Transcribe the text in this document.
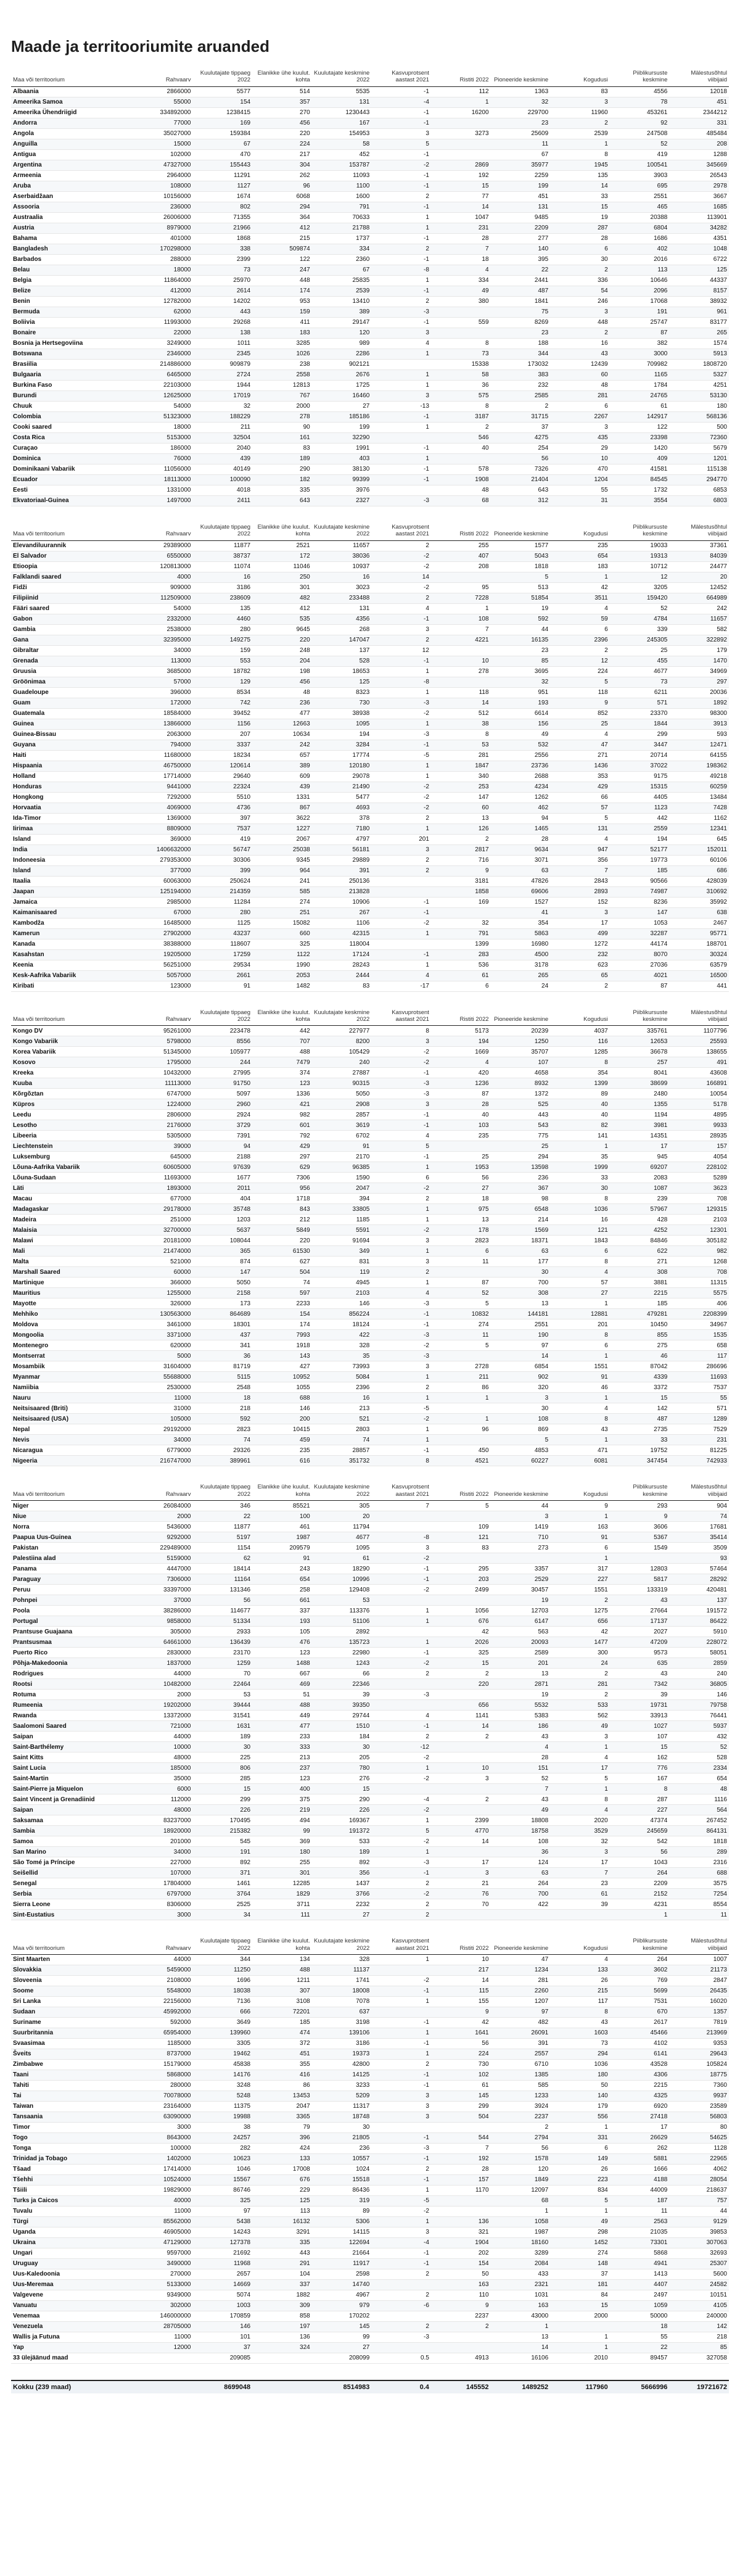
Maade ja territooriumite aruanded
Maa või territoorium	Rahvaarv	Kuulutajate tippaeg 2022	Elanikke ühe kuulut. kohta	Kuulutajate keskmine 2022	Kasvuprotsent aastast 2021	Ristiti 2022	Pioneeride keskmine	Kogudusi	Piiblikursuste keskmine	Mälestusõhtul viibijaid
Albaania	2866000	5577	514	5535	-1	112	1363	83	4556	12018
Ameerika Samoa	55000	154	357	131	-4	1	32	3	78	451
Ameerika Ühendriigid	334892000	1238415	270	1230443	-1	16200	229700	11960	453261	2344212
Andorra	77000	169	456	167	-1		23	2	92	331
Angola	35027000	159384	220	154953	3	3273	25609	2539	247508	485484
Anguilla	15000	67	224	58	5		11	1	52	208
Antigua	102000	470	217	452	-1		67	8	419	1288
Argentina	47327000	155443	304	153787	-2	2869	35977	1945	100541	345669
Armeenia	2964000	11291	262	11093	-1	192	2259	135	3903	26543
Aruba	108000	1127	96	1100	-1	15	199	14	695	2978
Aserbaidžaan	10156000	1674	6068	1600	2	77	451	33	2551	3667
Assooria	236000	802	294	791	-1	14	131	15	465	1685
Austraalia	26006000	71355	364	70633	1	1047	9485	19	20388	113901
Austria	8979000	21966	412	21788	1	231	2209	287	6804	34282
Bahama	401000	1868	215	1737	-1	28	277	28	1686	4351
Bangladesh	170298000	338	509874	334	2	7	140	6	402	1048
Barbados	288000	2399	122	2360	-1	18	395	30	2016	6722
Belau	18000	73	247	67	-8	4	22	2	113	125
Belgia	11864000	25970	448	25835	1	334	2441	336	10646	44337
Belize	412000	2614	174	2539	-1	49	487	54	2096	8157
Benin	12782000	14202	953	13410	2	380	1841	246	17068	38932
Bermuda	62000	443	159	389	-3		75	3	191	961
Boliivia	11993000	29268	411	29147	-1	559	8269	448	25747	83177
Bonaire	22000	138	183	120	3		23	2	87	265
Bosnia ja Hertsegoviina	3249000	1011	3285	989	4	8	188	16	382	1574
Botswana	2346000	2345	1026	2286	1	73	344	43	3000	5913
Brasiilia	214886000	909879	238	902121		15338	173032	12439	709982	1808720
Bulgaaria	6465000	2724	2558	2676	1	58	383	60	1165	5327
Burkina Faso	22103000	1944	12813	1725	1	36	232	48	1784	4251
Burundi	12625000	17019	767	16460	3	575	2585	281	24765	53130
Chuuk	54000	32	2000	27	-13	8	2	6	61	180
Colombia	51323000	188229	278	185186	-1	3187	31715	2267	142917	568136
Cooki saared	18000	211	90	199	1	2	37	3	122	500
Costa Rica	5153000	32504	161	32290		546	4275	435	23398	72360
Curaçao	186000	2040	83	1991	-1	40	254	29	1420	5679
Dominica	76000	439	189	403	1		56	10	409	1201
Dominikaani Vabariik	11056000	40149	290	38130	-1	578	7326	470	41581	115138
Ecuador	18113000	100090	182	99399	-1	1908	21404	1204	84545	294770
Eesti	1331000	4018	335	3976		48	643	55	1732	6853
Ekvatoriaal-Guinea	1497000	2411	643	2327	-3	68	312	31	3554	6803
Maa või territoorium	Rahvaarv	Kuulutajate tippaeg 2022	Elanikke ühe kuulut. kohta	Kuulutajate keskmine 2022	Kasvuprotsent aastast 2021	Ristiti 2022	Pioneeride keskmine	Kogudusi	Piiblikursuste keskmine	Mälestusõhtul viibijaid
Elevandiluurannik	29389000	11877	2521	11657	2	255	1577	235	19033	37361
El Salvador	6550000	38737	172	38036	-2	407	5043	654	19313	84039
Etioopia	120813000	11074	11046	10937	-2	208	1818	183	10712	24477
Falklandi saared	4000	16	250	16	14		5	1	12	20
Fidži	909000	3186	301	3023	-2	95	513	42	3205	12452
Filipiinid	112509000	238609	482	233488	2	7228	51854	3511	159420	664989
Fääri saared	54000	135	412	131	4	1	19	4	52	242
Gabon	2332000	4460	535	4356	-1	108	592	59	4784	11657
Gambia	2538000	280	9645	268	3	7	44	6	339	582
Gana	32395000	149275	220	147047	2	4221	16135	2396	245305	322892
Gibraltar	34000	159	248	137	12		23	2	25	179
Grenada	113000	553	204	528	-1	10	85	12	455	1470
Gruusia	3685000	18782	198	18653	1	278	3695	224	4677	34969
Gröönimaa	57000	129	456	125	-8		32	5	73	297
Guadeloupe	396000	8534	48	8323	1	118	951	118	6211	20036
Guam	172000	742	236	730	-3	14	193	9	571	1892
Guatemala	18584000	39452	477	38938	-2	512	6614	852	23370	98300
Guinea	13866000	1156	12663	1095	1	38	156	25	1844	3913
Guinea-Bissau	2063000	207	10634	194	-3	8	49	4	299	593
Guyana	794000	3337	242	3284	-1	53	532	47	3447	12471
Haiti	11680000	18234	657	17774	-5	281	2556	271	20714	64155
Hispaania	46750000	120614	389	120180	1	1847	23736	1436	37022	198362
Holland	17714000	29640	609	29078	1	340	2688	353	9175	49218
Honduras	9441000	22324	439	21490	-2	253	4234	429	15315	60259
Hongkong	7292000	5510	1331	5477	-2	147	1262	66	4405	13484
Horvaatia	4069000	4736	867	4693	-2	60	462	57	1123	7428
Ida-Timor	1369000	397	3622	378	2	13	94	5	442	1162
Iirimaa	8809000	7537	1227	7180	1	126	1465	131	2559	12341
Island	369000	419	2067	4797	201	2	28	4	194	645
India	1406632000	56747	25038	56181	3	2817	9634	947	52177	152011
Indoneesia	279353000	30306	9345	29889	2	716	3071	356	19773	60106
Island	377000	399	964	391	2	9	63	7	185	686
Itaalia	60063000	250624	241	250136		3181	47826	2843	90566	428039
Jaapan	125194000	214359	585	213828		1858	69606	2893	74987	310692
Jamaica	2985000	11284	274	10906	-1	169	1527	152	8236	35992
Kaimanisaared	67000	280	251	267	-1		41	3	147	638
Kambodža	16485000	1125	15082	1106	-2	32	354	17	1053	2467
Kamerun	27902000	43237	660	42315	1	791	5863	499	32287	95771
Kanada	38388000	118607	325	118004		1399	16980	1272	44174	188701
Kasahstan	19205000	17259	1122	17124	-1	283	4500	232	8070	30324
Keenia	56251000	29534	1990	28243	1	536	3178	623	27036	63579
Kesk-Aafrika Vabariik	5057000	2661	2053	2444	4	61	265	65	4021	16500
Kiribati	123000	91	1482	83	-17	6	24	2	87	441
Maa või territoorium	Rahvaarv	Kuulutajate tippaeg 2022	Elanikke ühe kuulut. kohta	Kuulutajate keskmine 2022	Kasvuprotsent aastast 2021	Ristiti 2022	Pioneeride keskmine	Kogudusi	Piiblikursuste keskmine	Mälestusõhtul viibijaid
Kongo DV	95261000	223478	442	227977	8	5173	20239	4037	335761	1107796
Kongo Vabariik	5798000	8556	707	8200	3	194	1250	116	12653	25593
Korea Vabariik	51345000	105977	488	105429	-2	1669	35707	1285	36678	138655
Kosovo	1795000	244	7479	240	-2	4	107	8	257	491
Kreeka	10432000	27995	374	27887	-1	420	4658	354	8041	43608
Kuuba	11113000	91750	123	90315	-3	1236	8932	1399	38699	166891
Kõrgõztan	6747000	5097	1336	5050	-3	87	1372	89	2480	10054
Küpros	1224000	2960	421	2908	3	28	525	40	1355	5178
Leedu	2806000	2924	982	2857	-1	40	443	40	1194	4895
Lesotho	2176000	3729	601	3619	-1	103	543	82	3981	9933
Libeeria	5305000	7391	792	6702	4	235	775	141	14351	28935
Liechtenstein	39000	94	429	91	5		25	1	17	157
Luksemburg	645000	2188	297	2170	-1	25	294	35	945	4054
Lõuna-Aafrika Vabariik	60605000	97639	629	96385	1	1953	13598	1999	69207	228102
Lõuna-Sudaan	11693000	1677	7306	1590	6	56	236	33	2083	5289
Läti	1893000	2011	956	2047	-2	27	367	30	1087	3623
Macau	677000	404	1718	394	2	18	98	8	239	708
Madagaskar	29178000	35748	843	33805	1	975	6548	1036	57967	129315
Madeira	251000	1203	212	1185	1	13	214	16	428	2103
Malaisia	32700000	5637	5849	5591	-2	178	1569	121	4252	12301
Malawi	20181000	108044	220	91694	3	2823	18371	1843	84846	305182
Mali	21474000	365	61530	349	1	6	63	6	622	982
Malta	521000	874	627	831	3	11	177	8	271	1268
Marshall Saared	60000	147	504	119	2		30	4	308	708
Martinique	366000	5050	74	4945	1	87	700	57	3881	11315
Mauritius	1255000	2158	597	2103	4	52	308	27	2215	5575
Mayotte	326000	173	2233	146	-3	5	13	1	185	406
Mehhiko	130563000	864689	154	856224	-1	10832	144181	12881	479281	2208399
Moldova	3461000	18301	174	18124	-1	274	2551	201	10450	34967
Mongoolia	3371000	437	7993	422	-3	11	190	8	855	1535
Montenegro	620000	341	1918	328	-2	5	97	6	275	658
Montserrat	5000	36	143	35	-3		14	1	46	117
Mosambiik	31604000	81719	427	73993	3	2728	6854	1551	87042	286696
Myanmar	55688000	5115	10952	5084	1	211	902	91	4339	11693
Namiibia	2530000	2548	1055	2396	2	86	320	46	3372	7537
Nauru	11000	18	688	16	1	1	3	1	15	55
Neitsisaared (Briti)	31000	218	146	213	-5		30	4	142	571
Neitsisaared (USA)	105000	592	200	521	-2	1	108	8	487	1289
Nepal	29192000	2823	10415	2803	1	96	869	43	2735	7529
Nevis	34000	74	459	74	1		5	1	33	231
Nicaragua	6779000	29326	235	28857	-1	450	4853	471	19752	81225
Nigeeria	216747000	389961	616	351732	8	4521	60227	6081	347454	742933
Maa või territoorium	Rahvaarv	Kuulutajate tippaeg 2022	Elanikke ühe kuulut. kohta	Kuulutajate keskmine 2022	Kasvuprotsent aastast 2021	Ristiti 2022	Pioneeride keskmine	Kogudusi	Piiblikursuste keskmine	Mälestusõhtul viibijaid
Niger	26084000	346	85521	305	7	5	44	9	293	904
Niue	2000	22	100	20			3	1	9	74
Norra	5436000	11877	461	11794		109	1419	163	3606	17681
Paapua Uus-Guinea	9292000	5197	1987	4677	-8	121	710	91	5367	35414
Pakistan	229489000	1154	209579	1095	3	83	273	6	1549	3509
Palestiina alad	5159000	62	91	61	-2			1		93
Panama	4447000	18414	243	18290	-1	295	3357	317	12803	57464
Paraguay	7306000	11164	654	10996	-1	203	2529	227	5817	28292
Peruu	33397000	131346	258	129408	-2	2499	30457	1551	133319	420481
Pohnpei	37000	56	661	53			19	2	43	137
Poola	38286000	114677	337	113376	1	1056	12703	1275	27664	191572
Portugal	9858000	51334	193	51106	1	676	6147	656	17137	86422
Prantsuse Guajaana	305000	2933	105	2892		42	563	42	2027	5910
Prantsusmaa	64661000	136439	476	135723	1	2026	20093	1477	47209	228072
Puerto Rico	2830000	23170	123	22980	-1	325	2589	300	9573	58051
Põhja-Makedoonia	1837000	1259	1488	1243	-2	15	201	24	635	2859
Rodrigues	44000	70	667	66	2	2	13	2	43	240
Rootsi	10482000	22464	469	22346		220	2871	281	7342	36805
Rotuma	2000	53	51	39	-3		19	2	39	146
Rumeenia	19202000	39444	488	39350		656	5532	533	19731	79758
Rwanda	13372000	31541	449	29744	4	1141	5383	562	33913	76441
Saalomoni Saared	721000	1631	477	1510	-1	14	186	49	1027	5937
Saipan	44000	189	233	184	2	2	43	3	107	432
Saint-Barthélemy	10000	30	333	30	-12		4	1	15	52
Saint Kitts	48000	225	213	205	-2		28	4	162	528
Saint Lucia	185000	806	237	780	1	10	151	17	776	2334
Saint-Martin	35000	285	123	276	-2	3	52	5	167	654
Saint-Pierre ja Miquelon	6000	15	400	15			7	1	8	48
Saint Vincent ja Grenadiinid	112000	299	375	290	-4	2	43	8	287	1116
Saipan	48000	226	219	226	-2		49	4	227	564
Saksamaa	83237000	170495	494	169367	1	2399	18808	2020	47374	267452
Sambia	18920000	215382	99	191372	5	4770	18758	3529	245659	864131
Samoa	201000	545	369	533	-2	14	108	32	542	1818
San Marino	34000	191	180	189	1		36	3	56	289
São Tomé ja Príncipe	227000	892	255	892	-3	17	124	17	1043	2316
Seišellid	107000	371	301	356	-1	3	63	7	264	688
Senegal	17804000	1461	12285	1437	2	21	264	23	2209	3575
Serbia	6797000	3764	1829	3766	-2	76	700	61	2152	7254
Sierra Leone	8306000	2525	3711	2232	2	70	422	39	4231	8554
Sint-Eustatius	3000	34	111	27	2				1	11
Maa või territoorium	Rahvaarv	Kuulutajate tippaeg 2022	Elanikke ühe kuulut. kohta	Kuulutajate keskmine 2022	Kasvuprotsent aastast 2021	Ristiti 2022	Pioneeride keskmine	Kogudusi	Piiblikursuste keskmine	Mälestusõhtul viibijaid
Sint Maarten	44000	344	134	328	1	10	47	4	264	1007
Slovakkia	5459000	11250	488	11137		217	1234	133	3602	21173
Sloveenia	2108000	1696	1211	1741	-2	14	281	26	769	2847
Soome	5548000	18038	307	18008	-1	115	2260	215	5699	26435
Sri Lanka	22156000	7136	3108	7078	1	155	1207	117	7531	16020
Sudaan	45992000	666	72201	637		9	97	8	670	1357
Suriname	592000	3649	185	3198	-1	42	482	43	2617	7819
Suurbritannia	65954000	139960	474	139106	1	1641	26091	1603	45466	213969
Svaasimaa	1185000	3305	372	3186	-1	56	391	73	4102	9353
Šveits	8737000	19462	451	19373	1	224	2557	294	6141	29643
Zimbabwe	15179000	45838	355	42800	2	730	6710	1036	43528	105824
Taani	5868000	14176	416	14125	-1	102	1385	180	4306	18775
Tahiti	280000	3248	86	3233	-1	61	585	50	2215	7360
Tai	70078000	5248	13453	5209	3	145	1233	140	4325	9937
Taiwan	23164000	11375	2047	11317	3	299	3924	179	6920	23589
Tansaania	63090000	19988	3365	18748	3	504	2237	556	27418	56803
Timor	3000	38	79	30			2	1	17	80
Togo	8643000	24257	396	21805	-1	544	2794	331	26629	54625
Tonga	100000	282	424	236	-3	7	56	6	262	1128
Trinidad ja Tobago	1402000	10623	133	10557	-1	192	1578	149	5881	22965
Tšaad	17414000	1046	17008	1024	2	28	120	26	1666	4062
Tšehhi	10524000	15567	676	15518	-1	157	1849	223	4188	28054
Tšiili	19829000	86746	229	86436	1	1170	12097	834	44009	218637
Turks ja Caicos	40000	325	125	319	-5		68	5	187	757
Tuvalu	11000	97	113	89	-2		1	1	11	44
Türgi	85562000	5438	16132	5306	1	136	1058	49	2563	9129
Uganda	46905000	14243	3291	14115	3	321	1987	298	21035	39853
Ukraina	47129000	127378	335	122694	-4	1904	18160	1452	73301	307063
Ungari	9597000	21692	443	21664	-1	202	3289	274	5868	32693
Uruguay	3490000	11968	291	11917	-1	154	2084	148	4941	25307
Uus-Kaledoonia	270000	2657	104	2598	2	50	433	37	1413	5600
Uus-Meremaa	5133000	14669	337	14740		163	2321	181	4407	24582
Valgevene	9349000	5074	1882	4967	2	110	1031	84	2497	10151
Vanuatu	302000	1003	309	979	-6	9	163	15	1059	4105
Venemaa	146000000	170859	858	170202		2237	43000	2000	50000	240000
Venezuela	28705000	146	197	145	2	2	1		18	142
Wallis ja Futuna	11000	101	136	99	-3		13	1	55	218
Yap	12000	37	324	27			14	1	22	85
33 ülejäänud maad		209085		208099	0.5	4913	16106	2010	89457	327058
Kokku (239 maad)		8699048		8514983	0.4	145552	1489252	117960	5666996	19721672
